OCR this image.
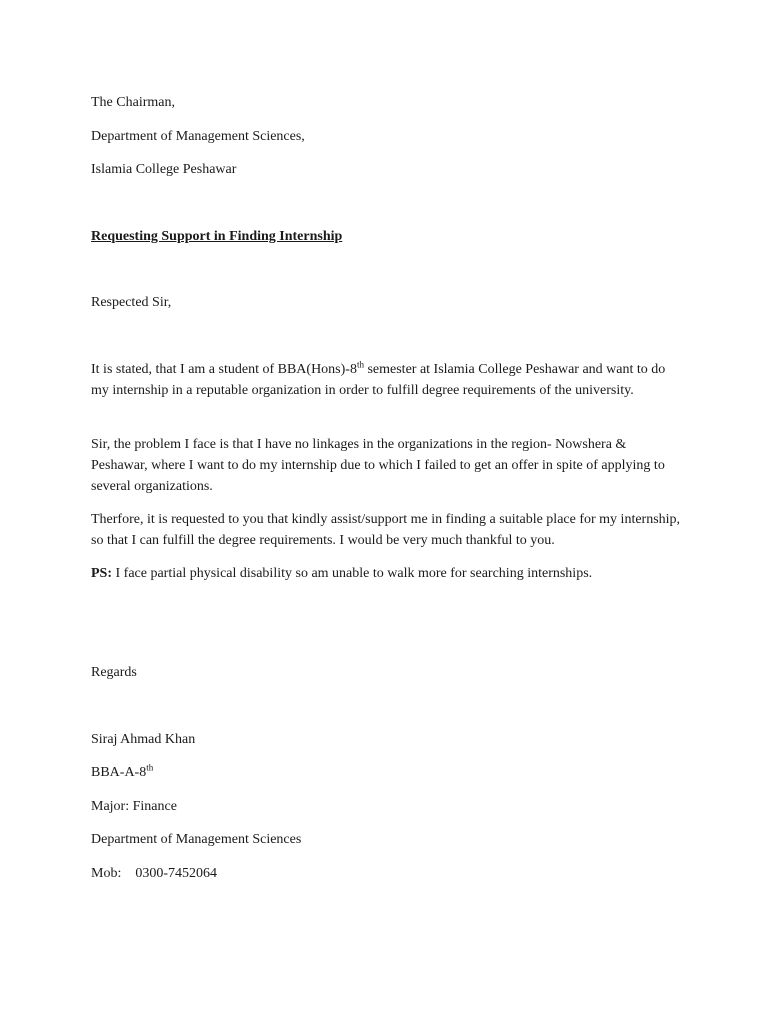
The Chairman,
Department of Management Sciences,
Islamia College Peshawar
Requesting Support in Finding Internship
Respected Sir,
It is stated, that I am a student of BBA(Hons)-8th semester at Islamia College Peshawar and want to do my internship in a reputable organization in order to fulfill degree requirements of the university.
Sir, the problem I face is that I have no linkages in the organizations in the region- Nowshera & Peshawar, where I want to do my internship due to which I failed to get an offer in spite of applying to several organizations.
Therfore, it is requested to you that kindly assist/support me in finding a suitable place for my internship, so that I can fulfill the degree requirements. I would be very much thankful to you.
PS: I face partial physical disability so am unable to walk more for searching internships.
Regards
Siraj Ahmad Khan
BBA-A-8th
Major: Finance
Department of Management Sciences
Mob: 0300-7452064
